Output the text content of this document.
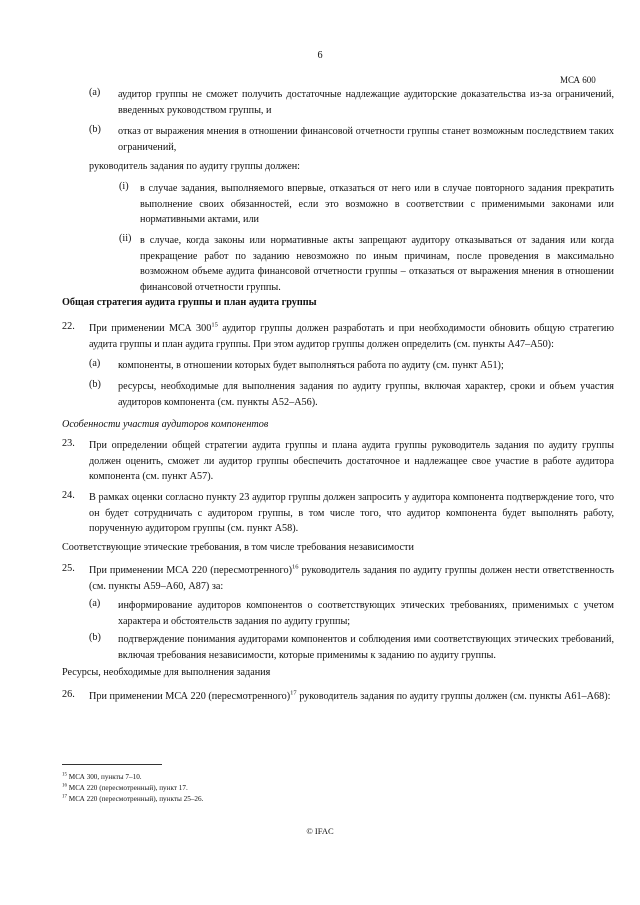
6
МСА 600
(a) аудитор группы не сможет получить достаточные надлежащие аудиторские доказательства из-за ограничений, введенных руководством группы, и
(b) отказ от выражения мнения в отношении финансовой отчетности группы станет возможным последствием таких ограничений,
руководитель задания по аудиту группы должен:
(i) в случае задания, выполняемого впервые, отказаться от него или в случае повторного задания прекратить выполнение своих обязанностей, если это возможно в соответствии с применимыми законами или нормативными актами, или
(ii) в случае, когда законы или нормативные акты запрещают аудитору отказываться от задания или когда прекращение работ по заданию невозможно по иным причинам, после проведения в максимально возможном объеме аудита финансовой отчетности группы – отказаться от выражения мнения в отношении финансовой отчетности группы.
Общая стратегия аудита группы и план аудита группы
22. При применении МСА $300^{15}$ аудитор группы должен разработать и при необходимости обновить общую стратегию аудита группы и план аудита группы. При этом аудитор группы должен определить (см. пункты А47–А50):
(a) компоненты, в отношении которых будет выполняться работа по аудиту (см. пункт А51);
(b) ресурсы, необходимые для выполнения задания по аудиту группы, включая характер, сроки и объем участия аудиторов компонента (см. пункты А52–А56).
Особенности участия аудиторов компонентов
23. При определении общей стратегии аудита группы и плана аудита группы руководитель задания по аудиту группы должен оценить, сможет ли аудитор группы обеспечить достаточное и надлежащее свое участие в работе аудитора компонента (см. пункт А57).
24. В рамках оценки согласно пункту 23 аудитор группы должен запросить у аудитора компонента подтверждение того, что он будет сотрудничать с аудитором группы, в том числе того, что аудитор компонента будет выполнять работу, порученную аудитором группы (см. пункт А58).
Соответствующие этические требования, в том числе требования независимости
25. При применении МСА 220 (пересмотренного)$^{16}$ руководитель задания по аудиту группы должен нести ответственность (см. пункты А59–А60, А87) за:
(a) информирование аудиторов компонентов о соответствующих этических требованиях, применимых с учетом характера и обстоятельств задания по аудиту группы;
(b) подтверждение понимания аудиторами компонентов и соблюдения ими соответствующих этических требований, включая требования независимости, которые применимы к заданию по аудиту группы.
Ресурсы, необходимые для выполнения задания
26. При применении МСА 220 (пересмотренного)$^{17}$ руководитель задания по аудиту группы должен (см. пункты А61–А68):
$^{15}$ МСА 300, пункты 7–10.
$^{16}$ МСА 220 (пересмотренный), пункт 17.
$^{17}$ МСА 220 (пересмотренный), пункты 25–26.
© IFAC
